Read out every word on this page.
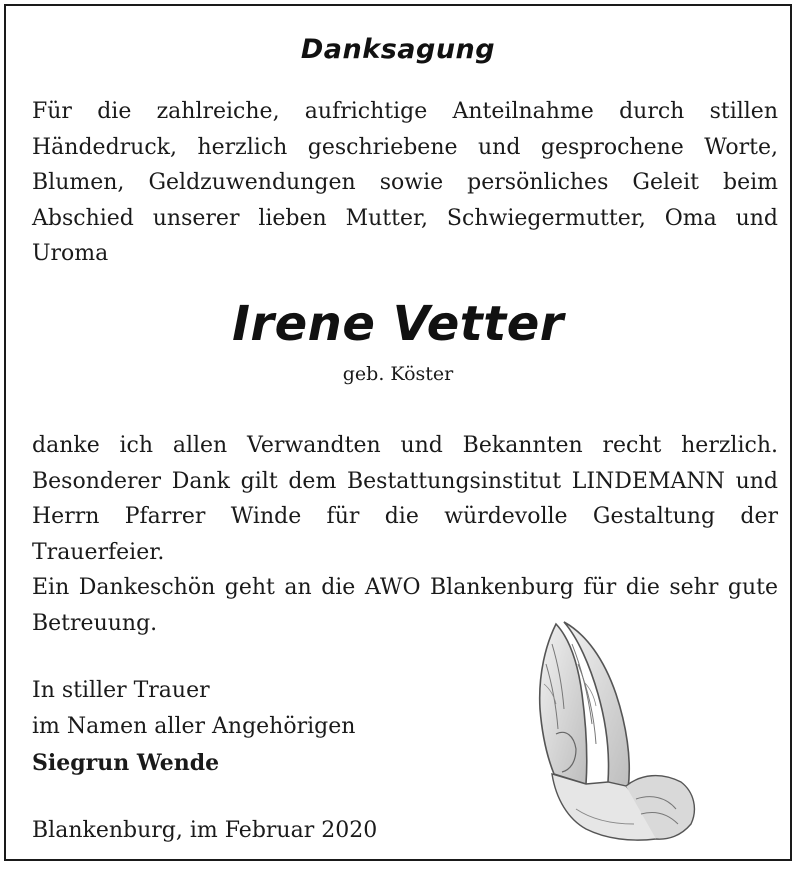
Danksagung

Für die zahlreiche, aufrichtige Anteilnahme durch stillen Händedruck, herzlich geschriebene und gesprochene Worte, Blumen, Geldzuwendungen sowie persönliches Geleit beim Abschied unserer lieben Mutter, Schwiegermutter, Oma und Uroma

Irene Vetter
geb. Köster

danke ich allen Verwandten und Bekannten recht herzlich. Besonderer Dank gilt dem Bestattungsinstitut LINDEMANN und Herrn Pfarrer Winde für die würdevolle Gestaltung der Trauerfeier.

Ein Dankeschön geht an die AWO Blankenburg für die sehr gute Betreuung.

In stiller Trauer
im Namen aller Angehörigen
Siegrun Wende
Blankenburg, im Februar 2020
